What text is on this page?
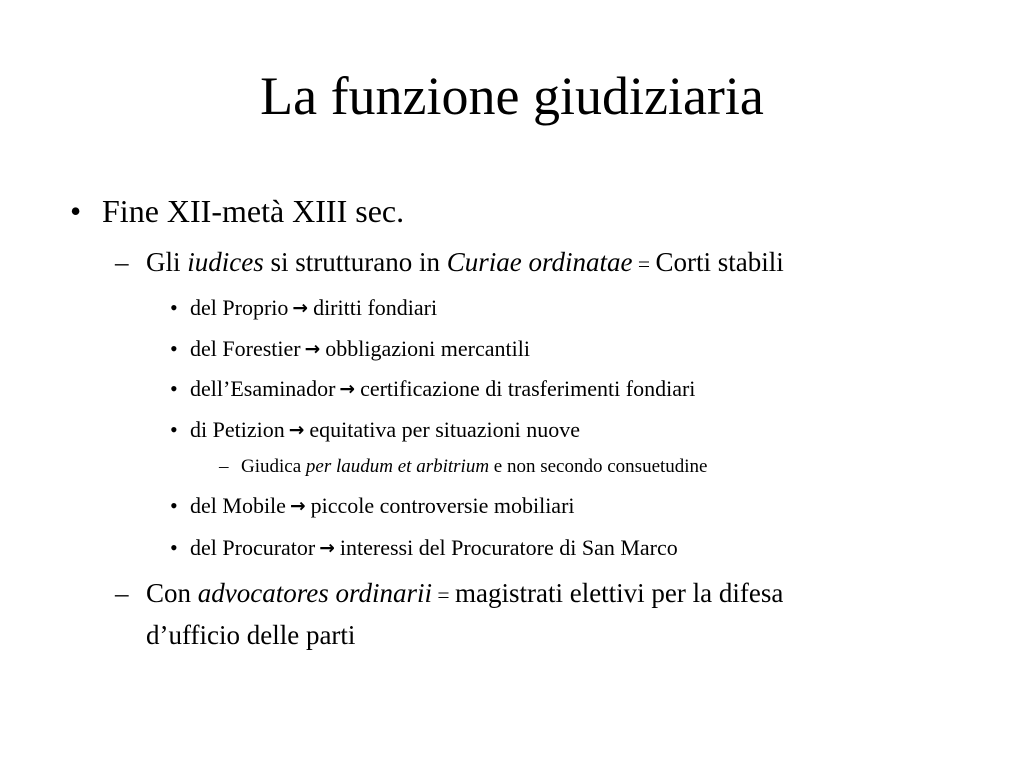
La funzione giudiziaria
• Fine XII-metà XIII sec.

– Gli iudices si strutturano in Curiae ordinatae = Corti stabili

• del Proprio → diritti fondiari

• del Forestier → obbligazioni mercantili

• dell’Esaminador → certificazione di trasferimenti fondiari

• di Petizion → equitativa per situazioni nuove

– Giudica per laudum et arbitrium e non secondo consuetudine

• del Mobile → piccole controversie mobiliari

• del Procurator → interessi del Procuratore di San Marco

– Con advocatores ordinarii = magistrati elettivi per la difesa

d’ufficio delle parti
